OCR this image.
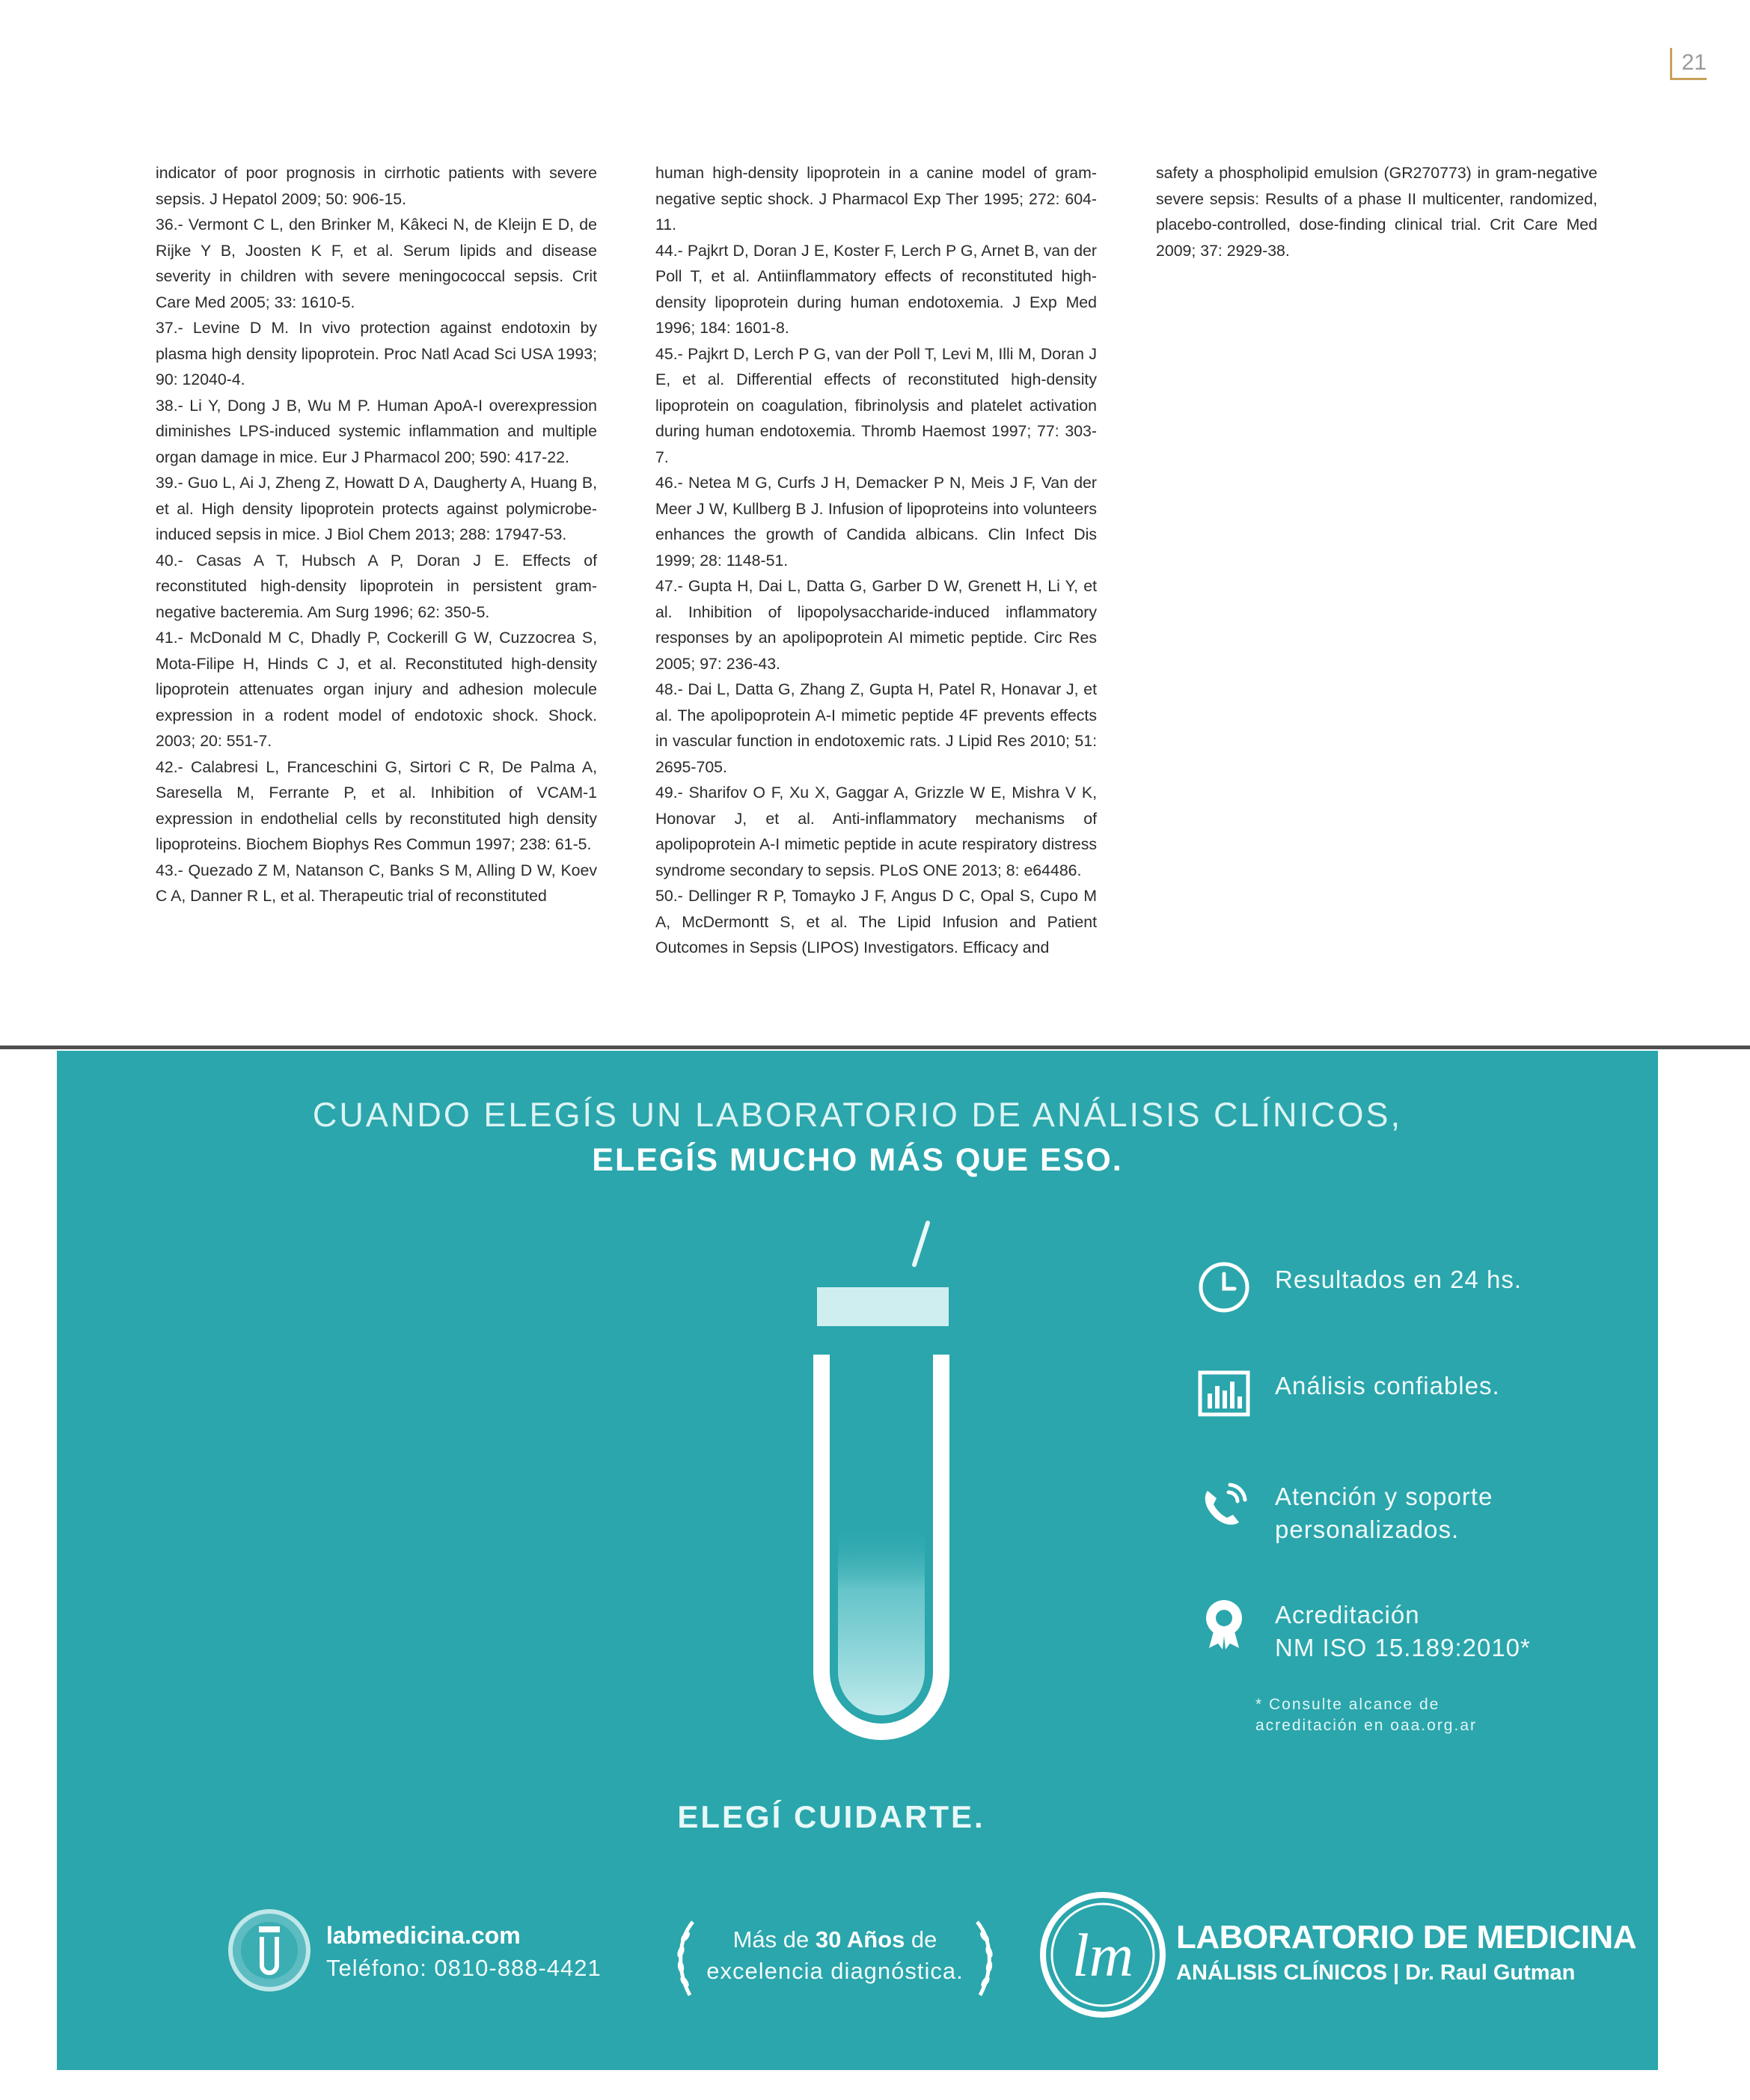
21

indicator of poor prognosis in cirrhotic patients with severe sepsis. J Hepatol 2009; 50: 906-15.

36.- Vermont C L, den Brinker M, Kâkeci N, de Kleijn E D, de Rijke Y B, Joosten K F, et al. Serum lipids and disease severity in children with severe meningococcal sepsis. Crit Care Med 2005; 33: 1610-5.

37.- Levine D M. In vivo protection against endotoxin by plasma high density lipoprotein. Proc Natl Acad Sci USA 1993; 90: 12040-4.

38.- Li Y, Dong J B, Wu M P. Human ApoA-I overexpression diminishes LPS-induced systemic inflammation and multiple organ damage in mice. Eur J Pharmacol 200; 590: 417-22.

39.- Guo L, Ai J, Zheng Z, Howatt D A, Daugherty A, Huang B, et al. High density lipoprotein protects against polymicrobe-induced sepsis in mice. J Biol Chem 2013; 288: 17947-53.

40.- Casas A T, Hubsch A P, Doran J E. Effects of reconstituted high-density lipoprotein in persistent gram-negative bacteremia. Am Surg 1996; 62: 350-5.

41.- McDonald M C, Dhadly P, Cockerill G W, Cuzzocrea S, Mota-Filipe H, Hinds C J, et al. Reconstituted high-density lipoprotein attenuates organ injury and adhesion molecule expression in a rodent model of endotoxic shock. Shock. 2003; 20: 551-7.

42.- Calabresi L, Franceschini G, Sirtori C R, De Palma A, Saresella M, Ferrante P, et al. Inhibition of VCAM-1 expression in endothelial cells by reconstituted high density lipoproteins. Biochem Biophys Res Commun 1997; 238: 61-5.

43.- Quezado Z M, Natanson C, Banks S M, Alling D W, Koev C A, Danner R L, et al. Therapeutic trial of reconstituted

human high-density lipoprotein in a canine model of gram-negative septic shock. J Pharmacol Exp Ther 1995; 272: 604-11.

44.- Pajkrt D, Doran J E, Koster F, Lerch P G, Arnet B, van der Poll T, et al. Antiinflammatory effects of reconstituted high-density lipoprotein during human endotoxemia. J Exp Med 1996; 184: 1601-8.

45.- Pajkrt D, Lerch P G, van der Poll T, Levi M, Illi M, Doran J E, et al. Differential effects of reconstituted high-density lipoprotein on coagulation, fibrinolysis and platelet activation during human endotoxemia. Thromb Haemost 1997; 77: 303-7.

46.- Netea M G, Curfs J H, Demacker P N, Meis J F, Van der Meer J W, Kullberg B J. Infusion of lipoproteins into volunteers enhances the growth of Candida albicans. Clin Infect Dis 1999; 28: 1148-51.

47.- Gupta H, Dai L, Datta G, Garber D W, Grenett H, Li Y, et al. Inhibition of lipopolysaccharide-induced inflammatory responses by an apolipoprotein AI mimetic peptide. Circ Res 2005; 97: 236-43.

48.- Dai L, Datta G, Zhang Z, Gupta H, Patel R, Honavar J, et al. The apolipoprotein A-I mimetic peptide 4F prevents effects in vascular function in endotoxemic rats. J Lipid Res 2010; 51: 2695-705.

49.- Sharifov O F, Xu X, Gaggar A, Grizzle W E, Mishra V K, Honovar J, et al. Anti-inflammatory mechanisms of apolipoprotein A-I mimetic peptide in acute respiratory distress syndrome secondary to sepsis. PLoS ONE 2013; 8: e64486.

50.- Dellinger R P, Tomayko J F, Angus D C, Opal S, Cupo M A, McDermontt S, et al. The Lipid Infusion and Patient Outcomes in Sepsis (LIPOS) Investigators. Efficacy and

safety a phospholipid emulsion (GR270773) in gram-negative severe sepsis: Results of a phase II multicenter, randomized, placebo-controlled, dose-finding clinical trial. Crit Care Med 2009; 37: 2929-38.

CUANDO ELEGÍS UN LABORATORIO DE ANÁLISIS CLÍNICOS,
ELEGÍS MUCHO MÁS QUE ESO.
ELEGÍ CUIDARTE.
Resultados en 24 hs.
Análisis confiables.
Atención y soporte
personalizados.
Acreditación
NM ISO 15.189:2010*
* Consulte alcance de
acreditación en oaa.org.ar
labmedicina.com
Teléfono: 0810-888-4421
Más de 30 Años de
excelencia diagnóstica.	lm LABORATORIO DE MEDICINA
ANÁLISIS CLÍNICOS | Dr. Raul Gutman
